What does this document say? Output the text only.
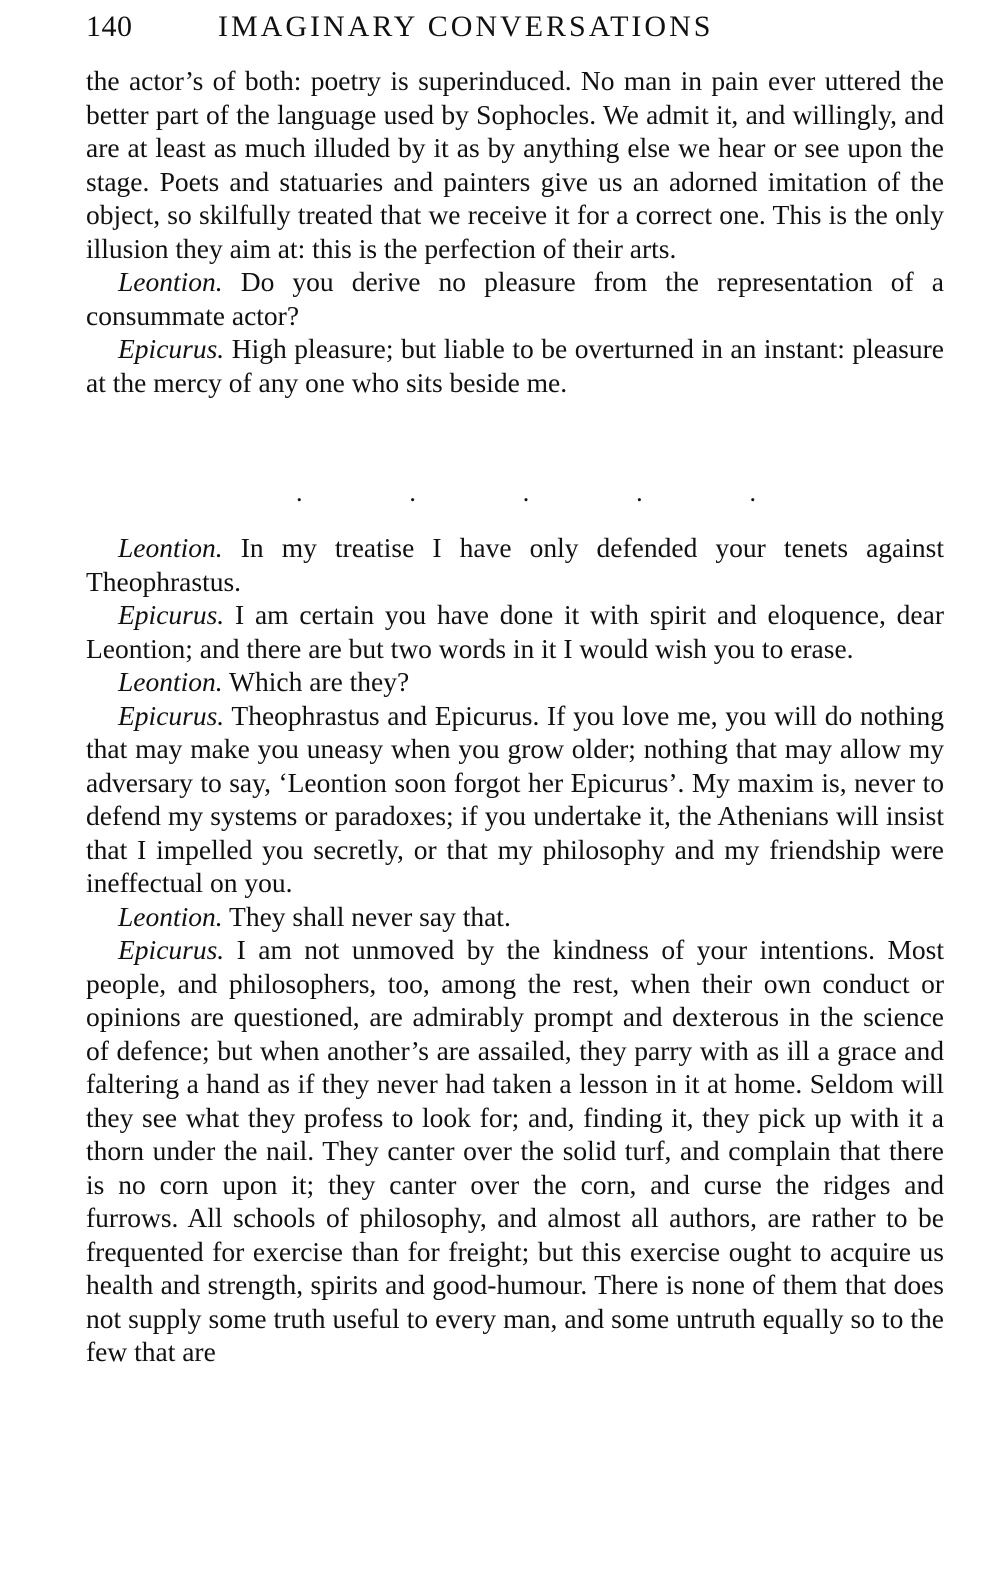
140	IMAGINARY CONVERSATIONS

the actor’s of both: poetry is superinduced. No man in pain ever uttered the better part of the language used by Sophocles. We admit it, and willingly, and are at least as much illuded by it as by anything else we hear or see upon the stage. Poets and statuaries and painters give us an adorned imitation of the object, so skilfully treated that we receive it for a correct one. This is the only illusion they aim at: this is the perfection of their arts.

Leontion. Do you derive no pleasure from the representation of a consummate actor?

Epicurus. High pleasure; but liable to be overturned in an instant: pleasure at the mercy of any one who sits beside me.

.	.	.	.	.

Leontion. In my treatise I have only defended your tenets against Theophrastus.

Epicurus. I am certain you have done it with spirit and eloquence, dear Leontion; and there are but two words in it I would wish you to erase.

Leontion. Which are they?

Epicurus. Theophrastus and Epicurus. If you love me, you will do nothing that may make you uneasy when you grow older; nothing that may allow my adversary to say, ‘Leontion soon forgot her Epicurus’. My maxim is, never to defend my systems or paradoxes; if you undertake it, the Athenians will insist that I impelled you secretly, or that my philosophy and my friendship were ineffectual on you.

Leontion. They shall never say that.

Epicurus. I am not unmoved by the kindness of your intentions. Most people, and philosophers, too, among the rest, when their own conduct or opinions are questioned, are admirably prompt and dexterous in the science of defence; but when another’s are assailed, they parry with as ill a grace and faltering a hand as if they never had taken a lesson in it at home. Seldom will they see what they profess to look for; and, finding it, they pick up with it a thorn under the nail. They canter over the solid turf, and complain that there is no corn upon it; they canter over the corn, and curse the ridges and furrows. All schools of philosophy, and almost all authors, are rather to be frequented for exercise than for freight; but this exercise ought to acquire us health and strength, spirits and good-humour. There is none of them that does not supply some truth useful to every man, and some untruth equally so to the few that are
